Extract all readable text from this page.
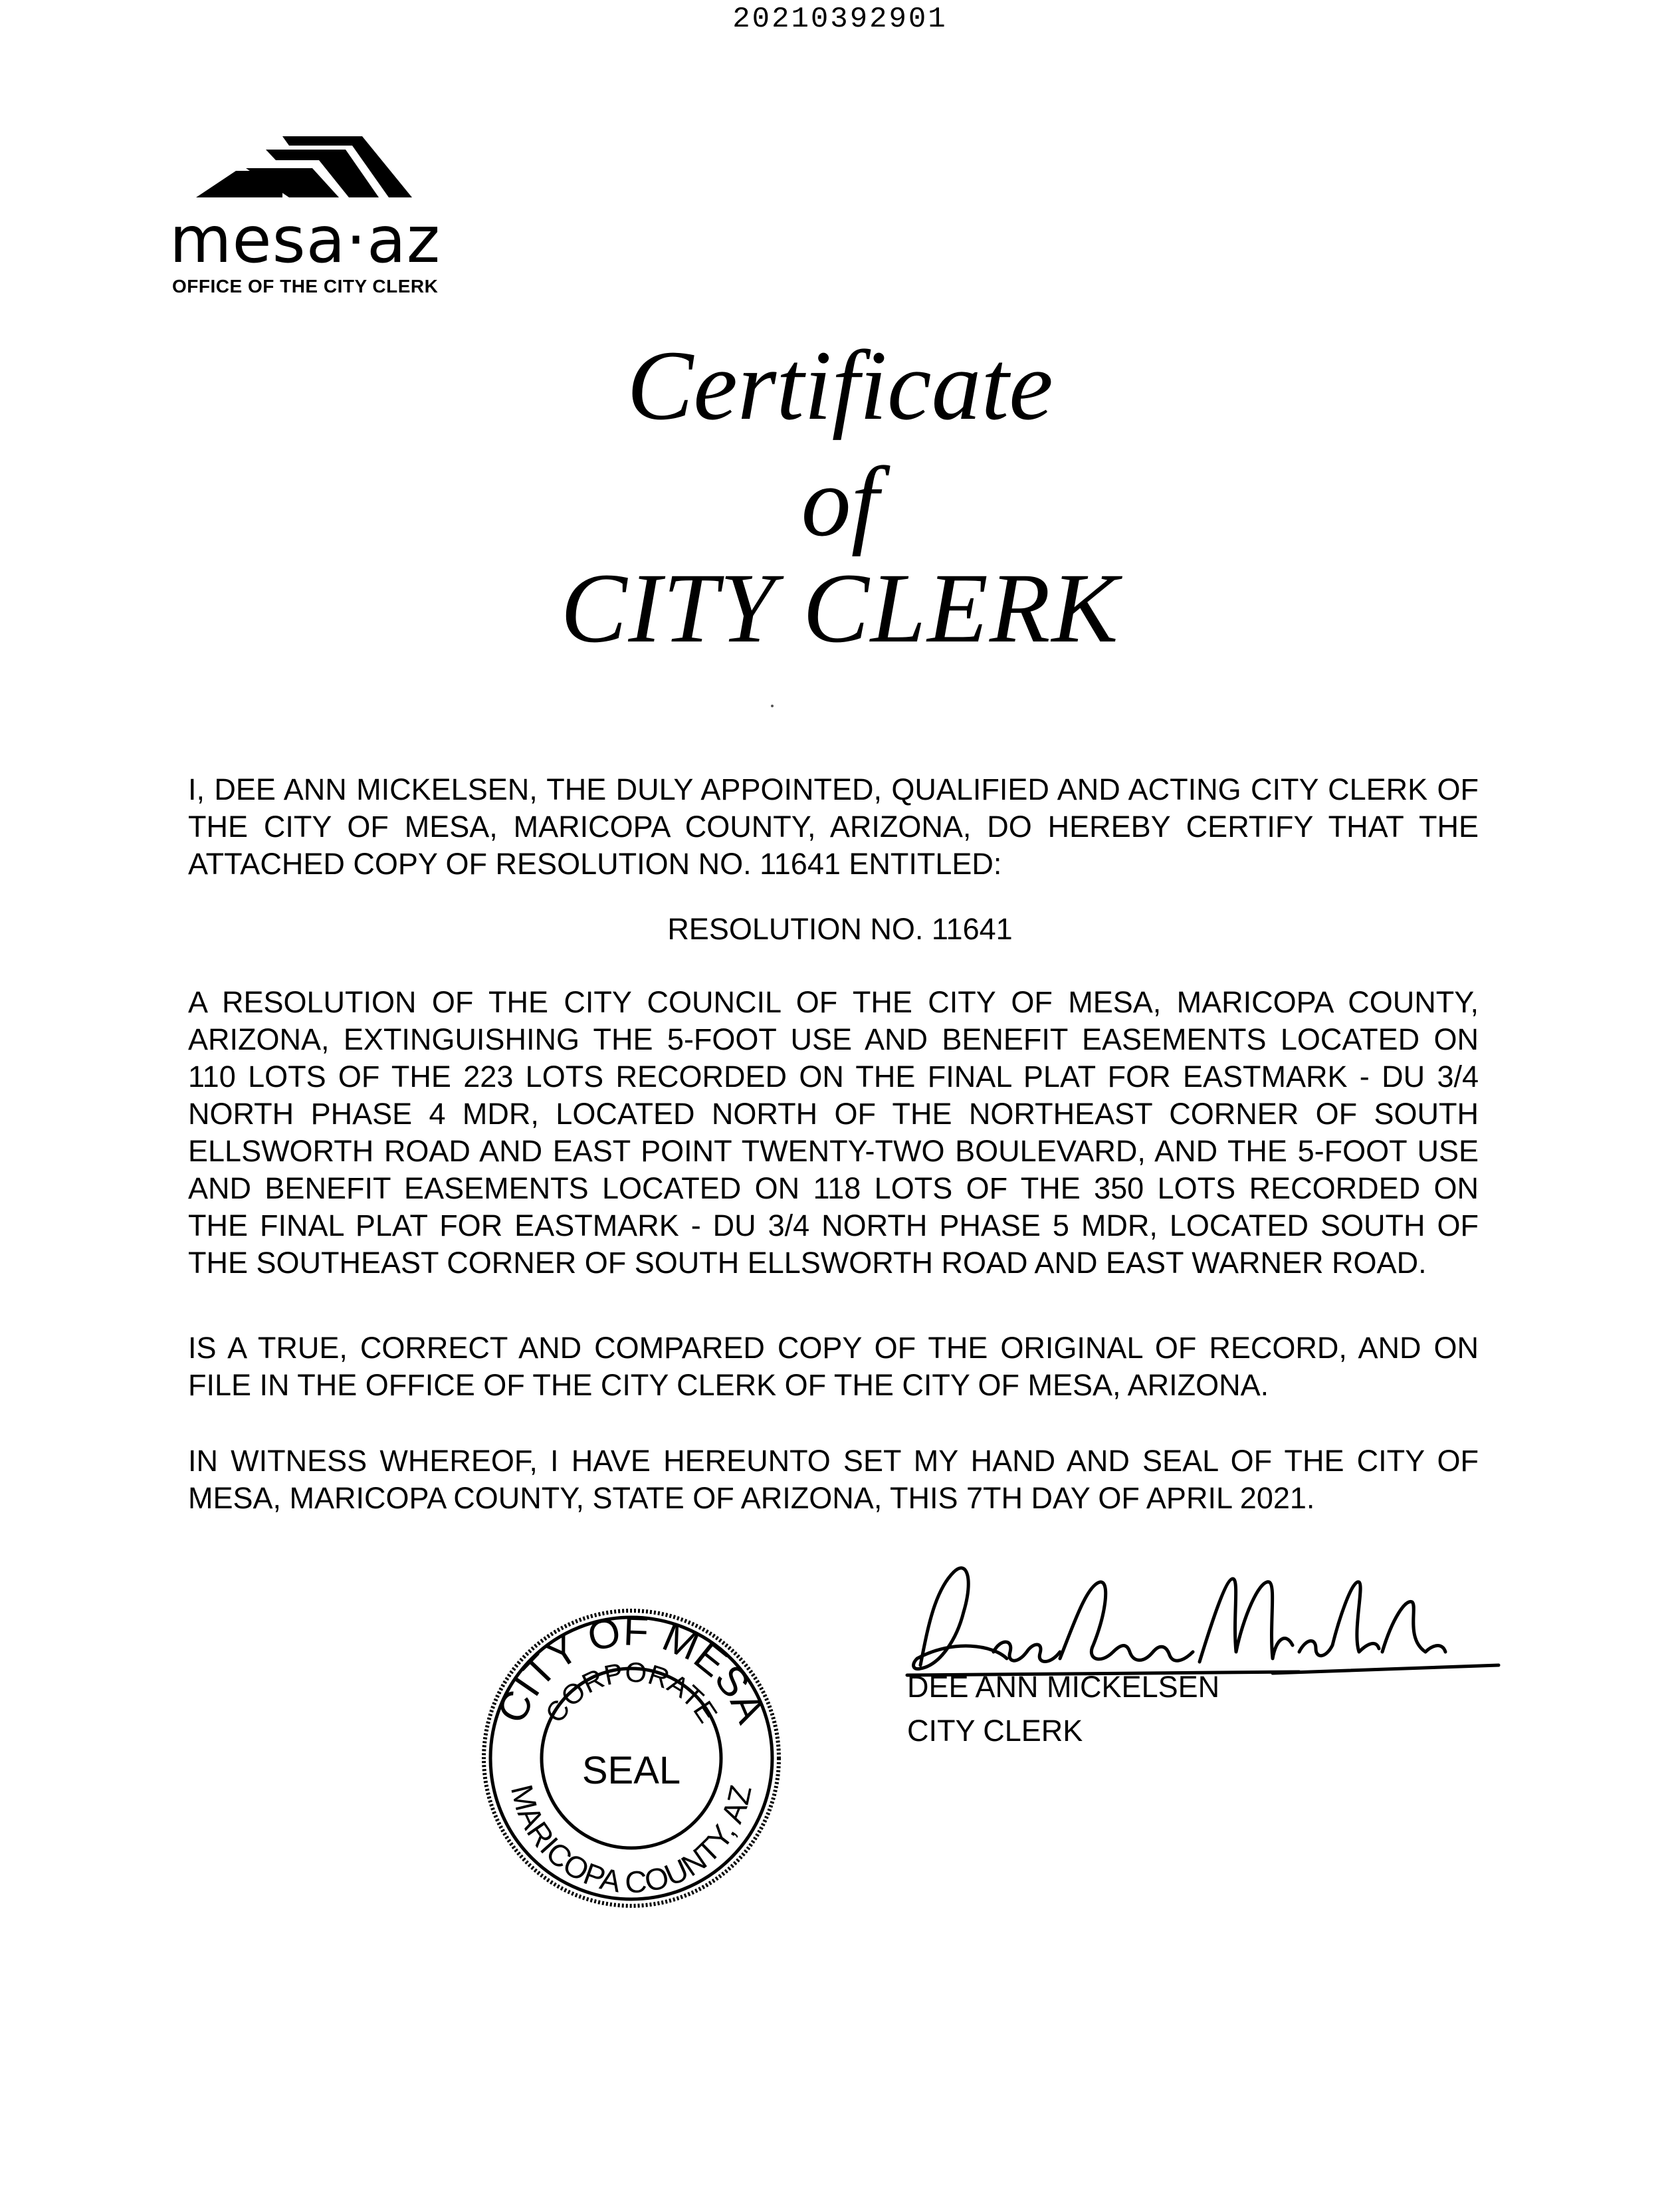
20210392901
mesa·az
OFFICE OF THE CITY CLERK
Certificate
of
CITY CLERK
I, DEE ANN MICKELSEN, THE DULY APPOINTED, QUALIFIED AND ACTING CITY CLERK OF THE CITY OF MESA, MARICOPA COUNTY, ARIZONA, DO HEREBY CERTIFY THAT THE ATTACHED COPY OF RESOLUTION NO. 11641 ENTITLED:
RESOLUTION NO. 11641
A RESOLUTION OF THE CITY COUNCIL OF THE CITY OF MESA, MARICOPA COUNTY, ARIZONA, EXTINGUISHING THE 5-FOOT USE AND BENEFIT EASEMENTS LOCATED ON 110 LOTS OF THE 223 LOTS RECORDED ON THE FINAL PLAT FOR EASTMARK - DU 3/4 NORTH PHASE 4 MDR, LOCATED NORTH OF THE NORTHEAST CORNER OF SOUTH ELLSWORTH ROAD AND EAST POINT TWENTY-TWO BOULEVARD, AND THE 5-FOOT USE AND BENEFIT EASEMENTS LOCATED ON 118 LOTS OF THE 350 LOTS RECORDED ON THE FINAL PLAT FOR EASTMARK - DU 3/4 NORTH PHASE 5 MDR, LOCATED SOUTH OF THE SOUTHEAST CORNER OF SOUTH ELLSWORTH ROAD AND EAST WARNER ROAD.
IS A TRUE, CORRECT AND COMPARED COPY OF THE ORIGINAL OF RECORD, AND ON FILE IN THE OFFICE OF THE CITY CLERK OF THE CITY OF MESA, ARIZONA.
IN WITNESS WHEREOF, I HAVE HEREUNTO SET MY HAND AND SEAL OF THE CITY OF MESA, MARICOPA COUNTY, STATE OF ARIZONA, THIS 7TH DAY OF APRIL 2021.
CITY OF MESA
MARICOPA COUNTY, AZ
CORPORATE
SEAL
DEE ANN MICKELSEN
CITY CLERK
